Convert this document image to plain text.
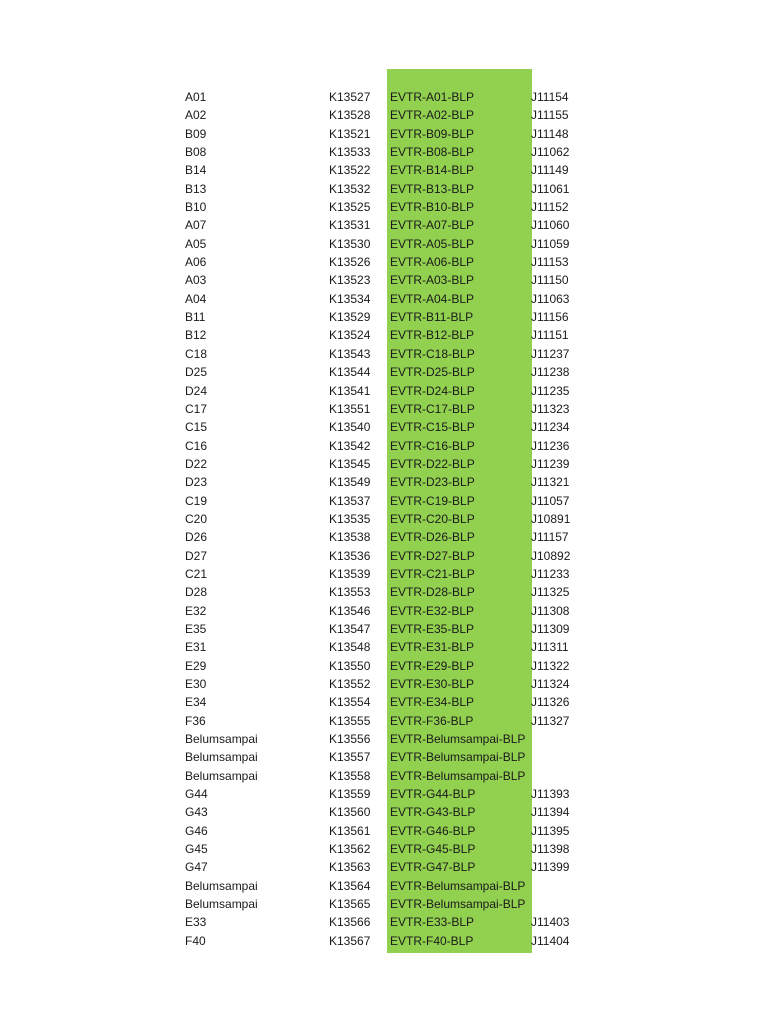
A01	K13527 EVTR-A01-BLP	J11154
A02	K13528 EVTR-A02-BLP	J11155
B09	K13521 EVTR-B09-BLP	J11148
B08	K13533 EVTR-B08-BLP	J11062
B14	K13522 EVTR-B14-BLP	J11149
B13	K13532 EVTR-B13-BLP	J11061
B10	K13525 EVTR-B10-BLP	J11152
A07	K13531 EVTR-A07-BLP	J11060
A05	K13530 EVTR-A05-BLP	J11059
A06	K13526 EVTR-A06-BLP	J11153
A03	K13523 EVTR-A03-BLP	J11150
A04	K13534 EVTR-A04-BLP	J11063
B11	K13529 EVTR-B11-BLP	J11156
B12	K13524 EVTR-B12-BLP	J11151
C18	K13543 EVTR-C18-BLP	J11237
D25	K13544 EVTR-D25-BLP	J11238
D24	K13541 EVTR-D24-BLP	J11235
C17	K13551 EVTR-C17-BLP	J11323
C15	K13540 EVTR-C15-BLP	J11234
C16	K13542 EVTR-C16-BLP	J11236
D22	K13545 EVTR-D22-BLP	J11239
D23	K13549 EVTR-D23-BLP	J11321
C19	K13537 EVTR-C19-BLP	J11057
C20	K13535 EVTR-C20-BLP	J10891
D26	K13538 EVTR-D26-BLP	J11157
D27	K13536 EVTR-D27-BLP	J10892
C21	K13539 EVTR-C21-BLP	J11233
D28	K13553 EVTR-D28-BLP	J11325
E32	K13546 EVTR-E32-BLP	J11308
E35	K13547 EVTR-E35-BLP	J11309
E31	K13548 EVTR-E31-BLP	J11311
E29	K13550 EVTR-E29-BLP	J11322
E30	K13552 EVTR-E30-BLP	J11324
E34	K13554 EVTR-E34-BLP	J11326
F36	K13555 EVTR-F36-BLP	J11327
Belumsampai	K13556 EVTR-Belumsampai-BLP
Belumsampai	K13557 EVTR-Belumsampai-BLP
Belumsampai	K13558 EVTR-Belumsampai-BLP
G44	K13559 EVTR-G44-BLP	J11393
G43	K13560 EVTR-G43-BLP	J11394
G46	K13561 EVTR-G46-BLP	J11395
G45	K13562 EVTR-G45-BLP	J11398
G47	K13563 EVTR-G47-BLP	J11399
Belumsampai	K13564 EVTR-Belumsampai-BLP
Belumsampai	K13565 EVTR-Belumsampai-BLP
E33	K13566 EVTR-E33-BLP	J11403
F40	K13567 EVTR-F40-BLP	J11404
